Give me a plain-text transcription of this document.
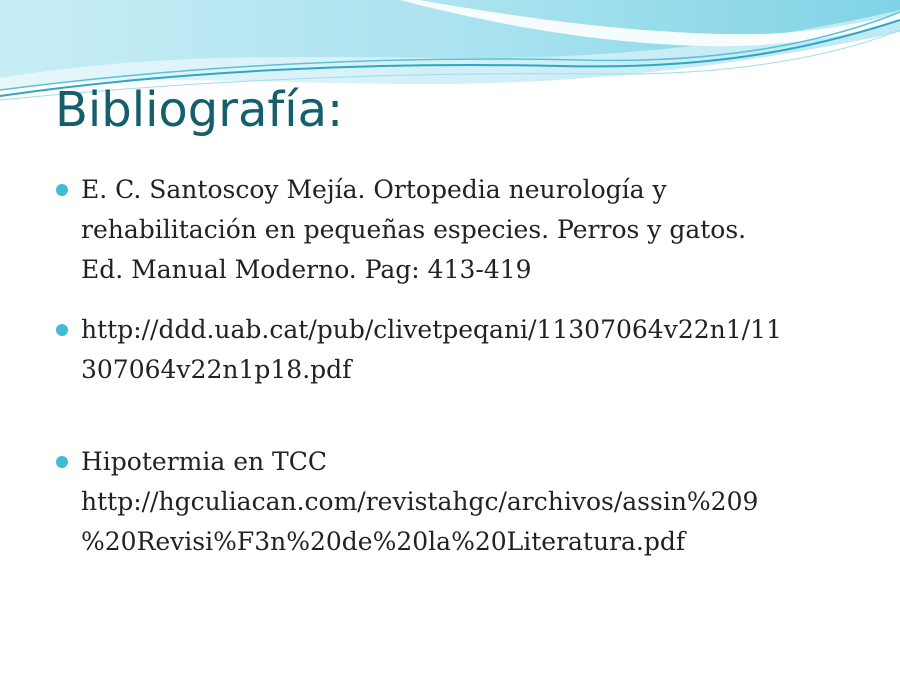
Bibliografía:
E. C. Santoscoy Mejía. Ortopedia neurología y
rehabilitación en pequeñas especies. Perros y gatos.
Ed. Manual Moderno. Pag: 413-419
http://ddd.uab.cat/pub/clivetpeqani/11307064v22n1/11
307064v22n1p18.pdf
Hipotermia en TCC
http://hgculiacan.com/revistahgc/archivos/assin%209
%20Revisi%F3n%20de%20la%20Literatura.pdf
